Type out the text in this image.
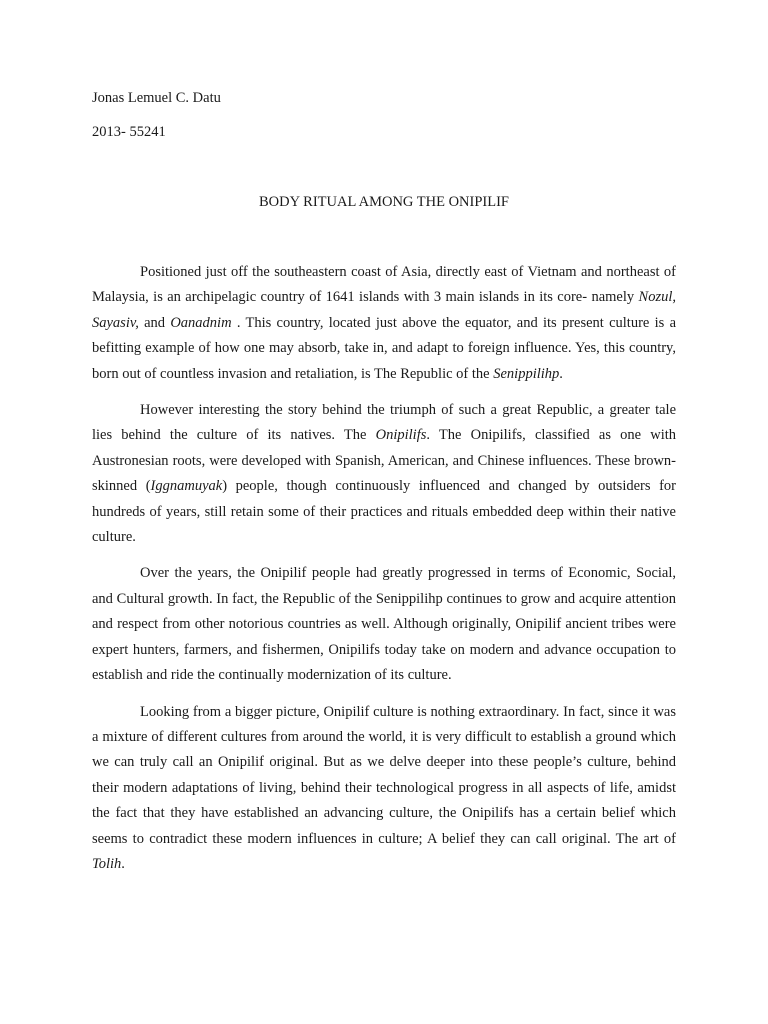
Jonas Lemuel C. Datu
2013- 55241
BODY RITUAL AMONG THE ONIPILIF

Positioned just off the southeastern coast of Asia, directly east of Vietnam and northeast of Malaysia, is an archipelagic country of 1641 islands with 3 main islands in its core- namely Nozul, Sayasiv, and Oanadnim . This country, located just above the equator, and its present culture is a befitting example of how one may absorb, take in, and adapt to foreign influence. Yes, this country, born out of countless invasion and retaliation, is The Republic of the Senippilihp.

However interesting the story behind the triumph of such a great Republic, a greater tale lies behind the culture of its natives. The Onipilifs. The Onipilifs, classified as one with Austronesian roots, were developed with Spanish, American, and Chinese influences. These brown- skinned (Iggnamuyak) people, though continuously influenced and changed by outsiders for hundreds of years, still retain some of their practices and rituals embedded deep within their native culture.

Over the years, the Onipilif people had greatly progressed in terms of Economic, Social, and Cultural growth. In fact, the Republic of the Senippilihp continues to grow and acquire attention and respect from other notorious countries as well. Although originally, Onipilif ancient tribes were expert hunters, farmers, and fishermen, Onipilifs today take on modern and advance occupation to establish and ride the continually modernization of its culture.

Looking from a bigger picture, Onipilif culture is nothing extraordinary. In fact, since it was a mixture of different cultures from around the world, it is very difficult to establish a ground which we can truly call an Onipilif original. But as we delve deeper into these people’s culture, behind their modern adaptations of living, behind their technological progress in all aspects of life, amidst the fact that they have established an advancing culture, the Onipilifs has a certain belief which seems to contradict these modern influences in culture; A belief they can call original. The art of Tolih.
